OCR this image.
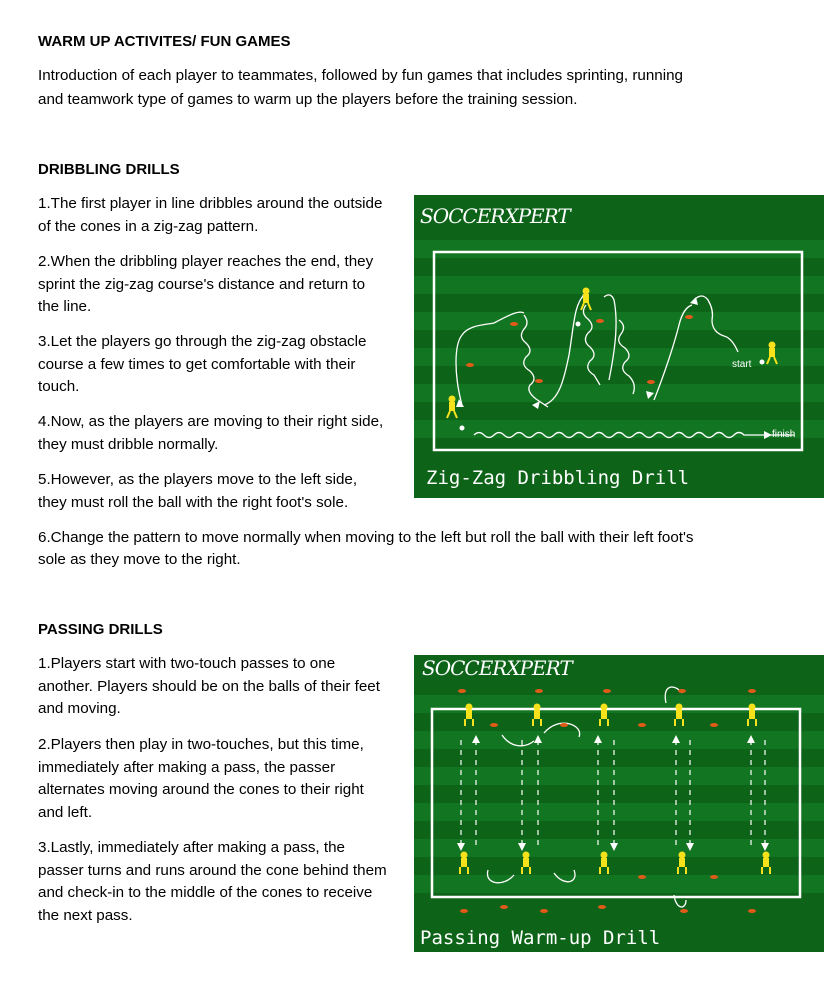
WARM UP ACTIVITES/ FUN GAMES

Introduction of each player to teammates, followed by fun games that includes sprinting, running

and teamwork type of games to warm up the players before the training session.

DRIBBLING DRILLS

1.The first player in line dribbles around the outside

of the cones in a zig-zag pattern.

2.When the dribbling player reaches the end, they

sprint the zig-zag course's distance and return to

the line.

3.Let the players go through the zig-zag obstacle

course a few times to get comfortable with their

touch.

4.Now, as the players are moving to their right side,

they must dribble normally.

5.However, as the players move to the left side,

they must roll the ball with the right foot's sole.

6.Change the pattern to move normally when moving to the left but roll the ball with their left foot's

sole as they move to the right.

SOCCERXPERT
start
finish
Zig-Zag Dribbling Drill
PASSING DRILLS

1.Players start with two-touch passes to one

another. Players should be on the balls of their feet

and moving.

2.Players then play in two-touches, but this time,

immediately after making a pass, the passer

alternates moving around the cones to their right

and left.

3.Lastly, immediately after making a pass, the

passer turns and runs around the cone behind them

and check-in to the middle of the cones to receive

the next pass.

SOCCERXPERT
Passing Warm-up Drill
